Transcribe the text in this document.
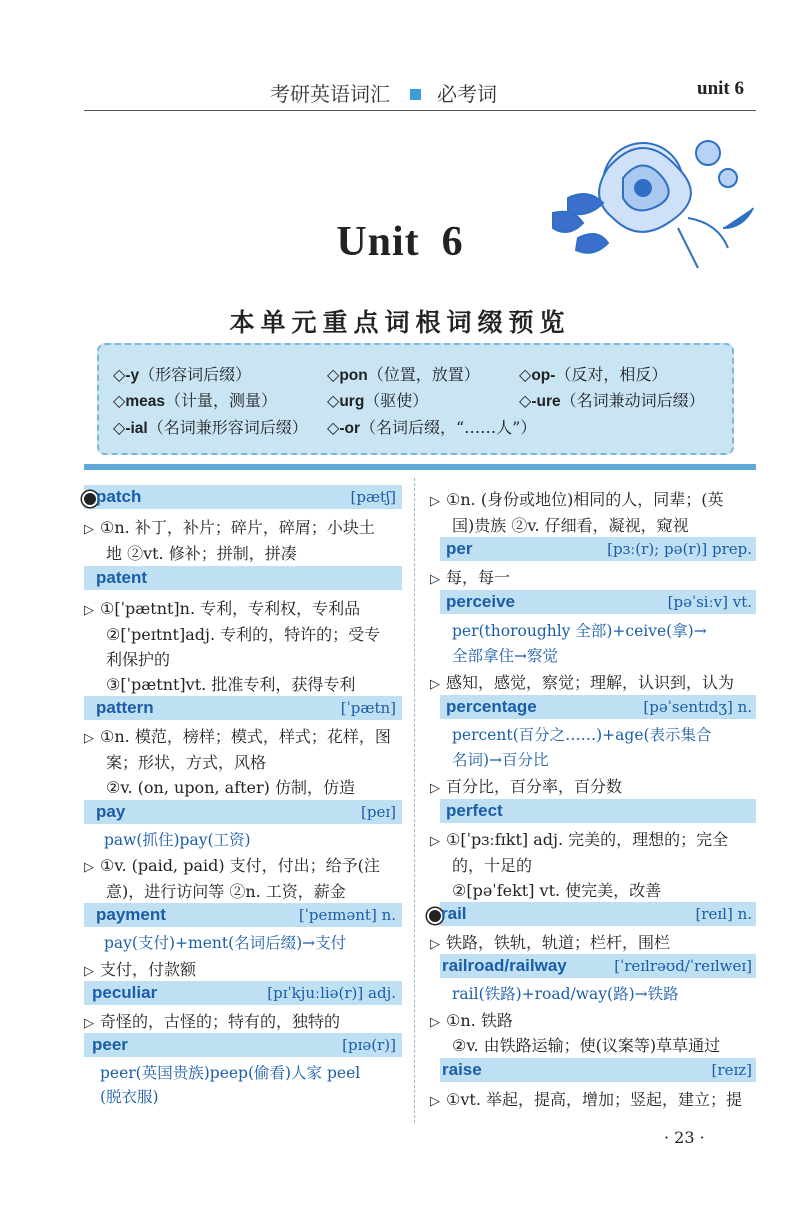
考研英语词汇 必考词	unit 6
Unit 6
本单元重点词根词缀预览
◇-y（形容词后缀）	◇pon（位置，放置） ◇op-（反对，相反）
◇meas（计量，测量）	◇urg（驱使）	◇-ure（名词兼动词后缀）
◇-ial（名词兼形容词后缀） ◇-or（名词后缀，“……人”）
patch	[pætʃ]
▷ ①n. 补丁，补片；碎片，碎屑；小块土
地 ②vt. 修补；拼制，拼凑
patent
▷ ①[ˈpætnt]n. 专利，专利权，专利品
②[ˈpeɪtnt]adj. 专利的，特许的；受专
利保护的
③[ˈpætnt]vt. 批准专利，获得专利
pattern	[ˈpætn]
▷ ①n. 模范，榜样；模式，样式；花样，图
案；形状，方式，风格
②v. (on, upon, after) 仿制，仿造
pay	[peɪ]
paw(抓住)pay(工资)
▷ ①v. (paid, paid) 支付，付出；给予(注
意)，进行访问等 ②n. 工资，薪金
payment	[ˈpeɪmənt] n.
pay(支付)+ment(名词后缀)→支付
▷ 支付，付款额
peculiar	[pɪˈkjuːliə(r)] adj.
▷ 奇怪的，古怪的；特有的，独特的
peer	[pɪə(r)]
peer(英国贵族)peep(偷看)人家 peel
(脱衣服)
▷ ①n. (身份或地位)相同的人，同辈；(英
国)贵族 ②v. 仔细看，凝视，窥视
per	[pɜː(r); pə(r)] prep.
▷ 每，每一
perceive	[pəˈsiːv] vt.
per(thoroughly 全部)+ceive(拿)→
全部拿住→察觉
▷ 感知，感觉，察觉；理解，认识到，认为
percentage	[pəˈsentɪdʒ] n.
percent(百分之……)+age(表示集合
名词)→百分比
▷ 百分比，百分率，百分数
perfect
▷ ①[ˈpɜːfɪkt] adj. 完美的，理想的；完全
的，十足的
②[pəˈfekt] vt. 使完美，改善
rail	[reɪl] n.
▷ 铁路，铁轨，轨道；栏杆，围栏
railroad/railway	[ˈreɪlrəʊd/ˈreɪlweɪ]
rail(铁路)+road/way(路)→铁路
▷ ①n. 铁路
②v. 由铁路运输；使(议案等)草草通过
raise	[reɪz]
▷ ①vt. 举起，提高，增加；竖起，建立；提
· 23 ·
